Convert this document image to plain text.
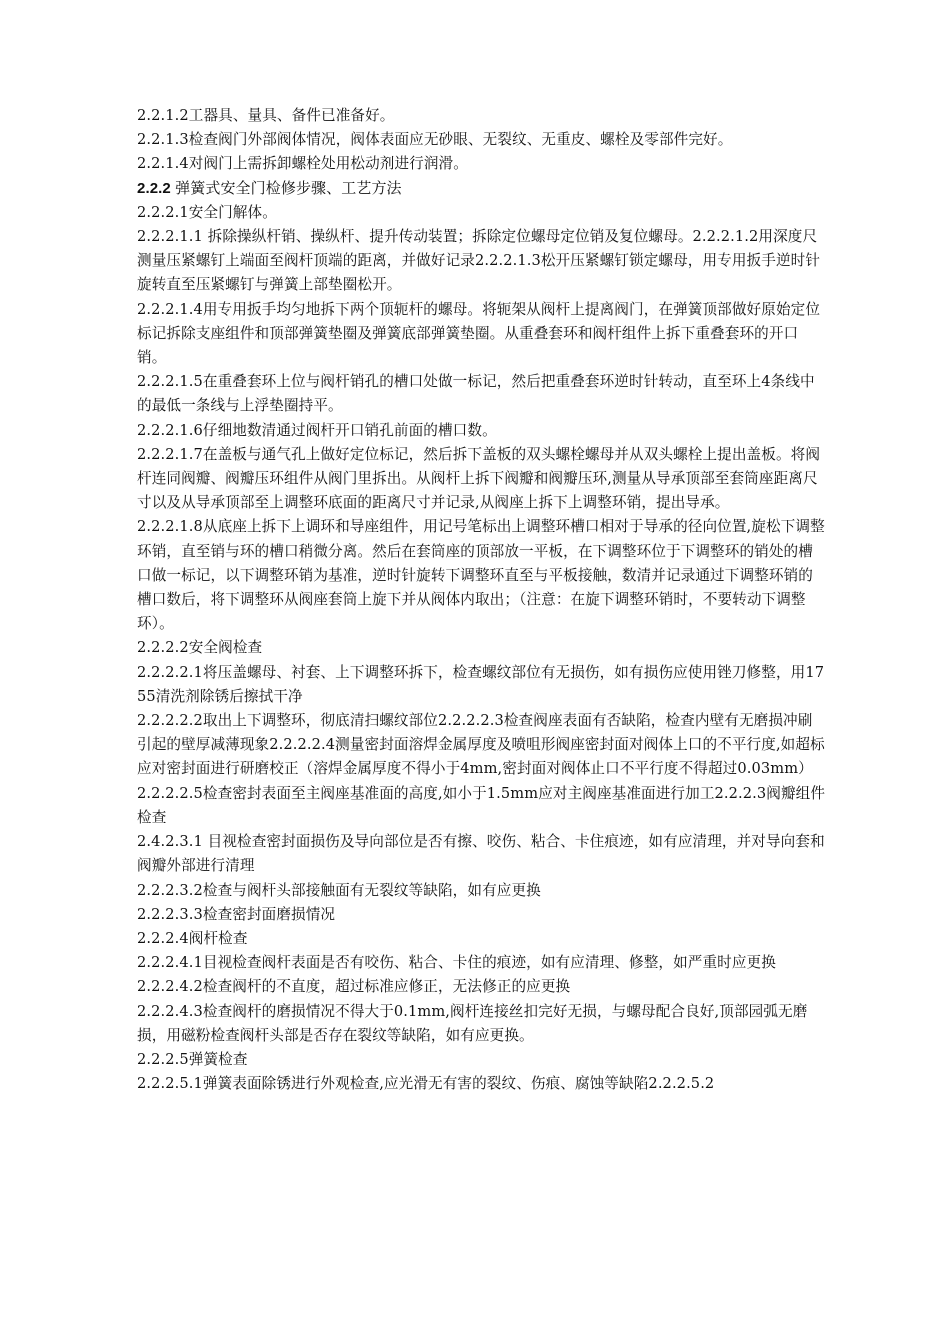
2.2.1.2工器具、量具、备件已准备好。

2.2.1.3检查阀门外部阀体情况，阀体表面应无砂眼、无裂纹、无重皮、螺栓及零部件完好。

2.2.1.4对阀门上需拆卸螺栓处用松动剂进行润滑。

2.2.2 弹簧式安全门检修步骤、工艺方法

2.2.2.1安全门解体。

2.2.2.1.1 拆除操纵杆销、操纵杆、提升传动装置；拆除定位螺母定位销及复位螺母。2.2.2.1.2用深度尺测量压紧螺钉上端面至阀杆顶端的距离，并做好记录2.2.2.1.3松开压紧螺钉锁定螺母，用专用扳手逆时针旋转直至压紧螺钉与弹簧上部垫圈松开。

2.2.2.1.4用专用扳手均匀地拆下两个顶轭杆的螺母。将轭架从阀杆上提离阀门，在弹簧顶部做好原始定位标记拆除支座组件和顶部弹簧垫圈及弹簧底部弹簧垫圈。从重叠套环和阀杆组件上拆下重叠套环的开口销。

2.2.2.1.5在重叠套环上位与阀杆销孔的槽口处做一标记，然后把重叠套环逆时针转动，直至环上4条线中的最低一条线与上浮垫圈持平。

2.2.2.1.6仔细地数清通过阀杆开口销孔前面的槽口数。

2.2.2.1.7在盖板与通气孔上做好定位标记，然后拆下盖板的双头螺栓螺母并从双头螺栓上提出盖板。将阀杆连同阀瓣、阀瓣压环组件从阀门里拆出。从阀杆上拆下阀瓣和阀瓣压环,测量从导承顶部至套筒座距离尺寸以及从导承顶部至上调整环底面的距离尺寸并记录,从阀座上拆下上调整环销，提出导承。

2.2.2.1.8从底座上拆下上调环和导座组件，用记号笔标出上调整环槽口相对于导承的径向位置,旋松下调整环销，直至销与环的槽口稍微分离。然后在套筒座的顶部放一平板，在下调整环位于下调整环的销处的槽口做一标记，以下调整环销为基准，逆时针旋转下调整环直至与平板接触，数清并记录通过下调整环销的槽口数后，将下调整环从阀座套筒上旋下并从阀体内取出；（注意：在旋下调整环销时，不要转动下调整环）。

2.2.2.2安全阀检查

2.2.2.2.1将压盖螺母、衬套、上下调整环拆下，检查螺纹部位有无损伤，如有损伤应使用锉刀修整，用1755清洗剂除锈后擦拭干净

2.2.2.2.2取出上下调整环，彻底清扫螺纹部位2.2.2.2.3检查阀座表面有否缺陷，检查内壁有无磨损冲刷引起的壁厚减薄现象2.2.2.2.4测量密封面溶焊金属厚度及喷咀形阀座密封面对阀体上口的不平行度,如超标应对密封面进行研磨校正（溶焊金属厚度不得小于4mm,密封面对阀体止口不平行度不得超过0.03mm）

2.2.2.2.5检查密封表面至主阀座基准面的高度,如小于1.5mm应对主阀座基准面进行加工2.2.2.3阀瓣组件检查

2.4.2.3.1 目视检查密封面损伤及导向部位是否有擦、咬伤、粘合、卡住痕迹，如有应清理，并对导向套和阀瓣外部进行清理

2.2.2.3.2检查与阀杆头部接触面有无裂纹等缺陷，如有应更换

2.2.2.3.3检查密封面磨损情况

2.2.2.4阀杆检查

2.2.2.4.1目视检查阀杆表面是否有咬伤、粘合、卡住的痕迹，如有应清理、修整，如严重时应更换

2.2.2.4.2检查阀杆的不直度，超过标准应修正，无法修正的应更换

2.2.2.4.3检查阀杆的磨损情况不得大于0.1mm,阀杆连接丝扣完好无损，与螺母配合良好,顶部园弧无磨损，用磁粉检查阀杆头部是否存在裂纹等缺陷，如有应更换。

2.2.2.5弹簧检查

2.2.2.5.1弹簧表面除锈进行外观检查,应光滑无有害的裂纹、伤痕、腐蚀等缺陷2.2.2.5.2
